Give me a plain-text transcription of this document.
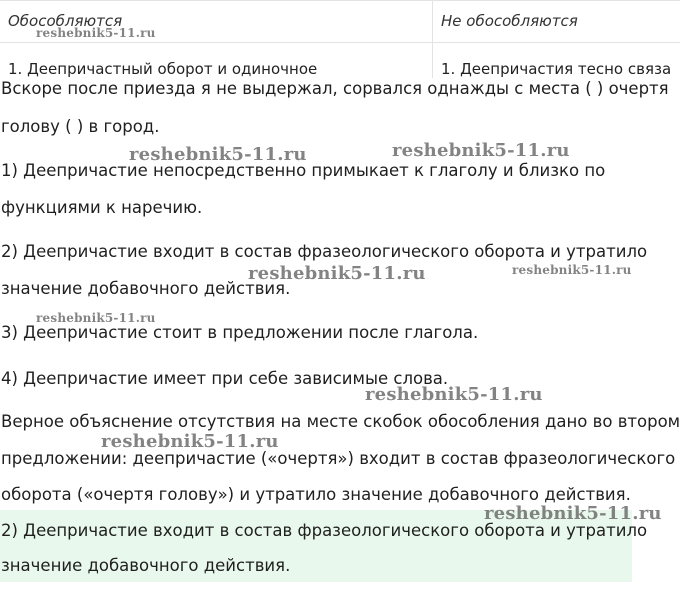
Обособляются	Не обособляются
1. Деепричастный оборот и одиночное	1. Деепричастия тесно связа
Вскоре после приезда я не выдержал, сорвался однажды с места ( ) очертя
голову ( ) в город.
1) Деепричастие непосредственно примыкает к глаголу и близко по
функциями к наречию.
2) Деепричастие входит в состав фразеологического оборота и утратило
значение добавочного действия.
3) Деепричастие стоит в предложении после глагола.
4) Деепричастие имеет при себе зависимые слова.
Верное объяснение отсутствия на месте скобок обособления дано во втором
предложении: деепричастие («очертя») входит в состав фразеологического
оборота («очертя голову») и утратило значение добавочного действия.
2) Деепричастие входит в состав фразеологического оборота и утратило
значение добавочного действия.
reshebnik5-11.ru
reshebnik5-11.ru	reshebnik5-11.ru
reshebnik5-11.ru	reshebnik5-11.ru
reshebnik5-11.ru
reshebnik5-11.ru
reshebnik5-11.ru
reshebnik5-11.ru
